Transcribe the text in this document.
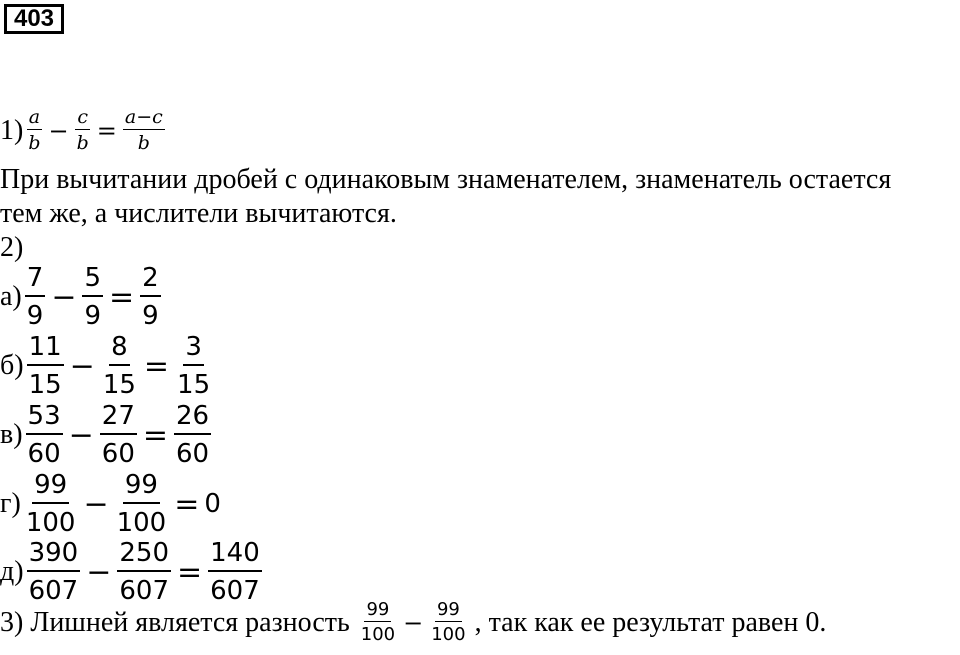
403
$1) \frac{a}{b} - \frac{c}{b} = \frac{a-c}{b}$
При вычитании дробей с одинаковым знаменателем, знаменатель остается
тем же, а числители вычитаются.
2)
$а) \frac{7}{9} - \frac{5}{9} = \frac{2}{9}$
$б) \frac{11}{15} - \frac{8}{15} = \frac{3}{15}$
$в) \frac{53}{60} - \frac{27}{60} = \frac{26}{60}$
$г) \frac{99}{100} - \frac{99}{100} = 0$
$д) \frac{390}{607} - \frac{250}{607} = \frac{140}{607}$
3) Лишней является разность $\frac{99}{100} - \frac{99}{100}$ , так как ее результат равен 0.
